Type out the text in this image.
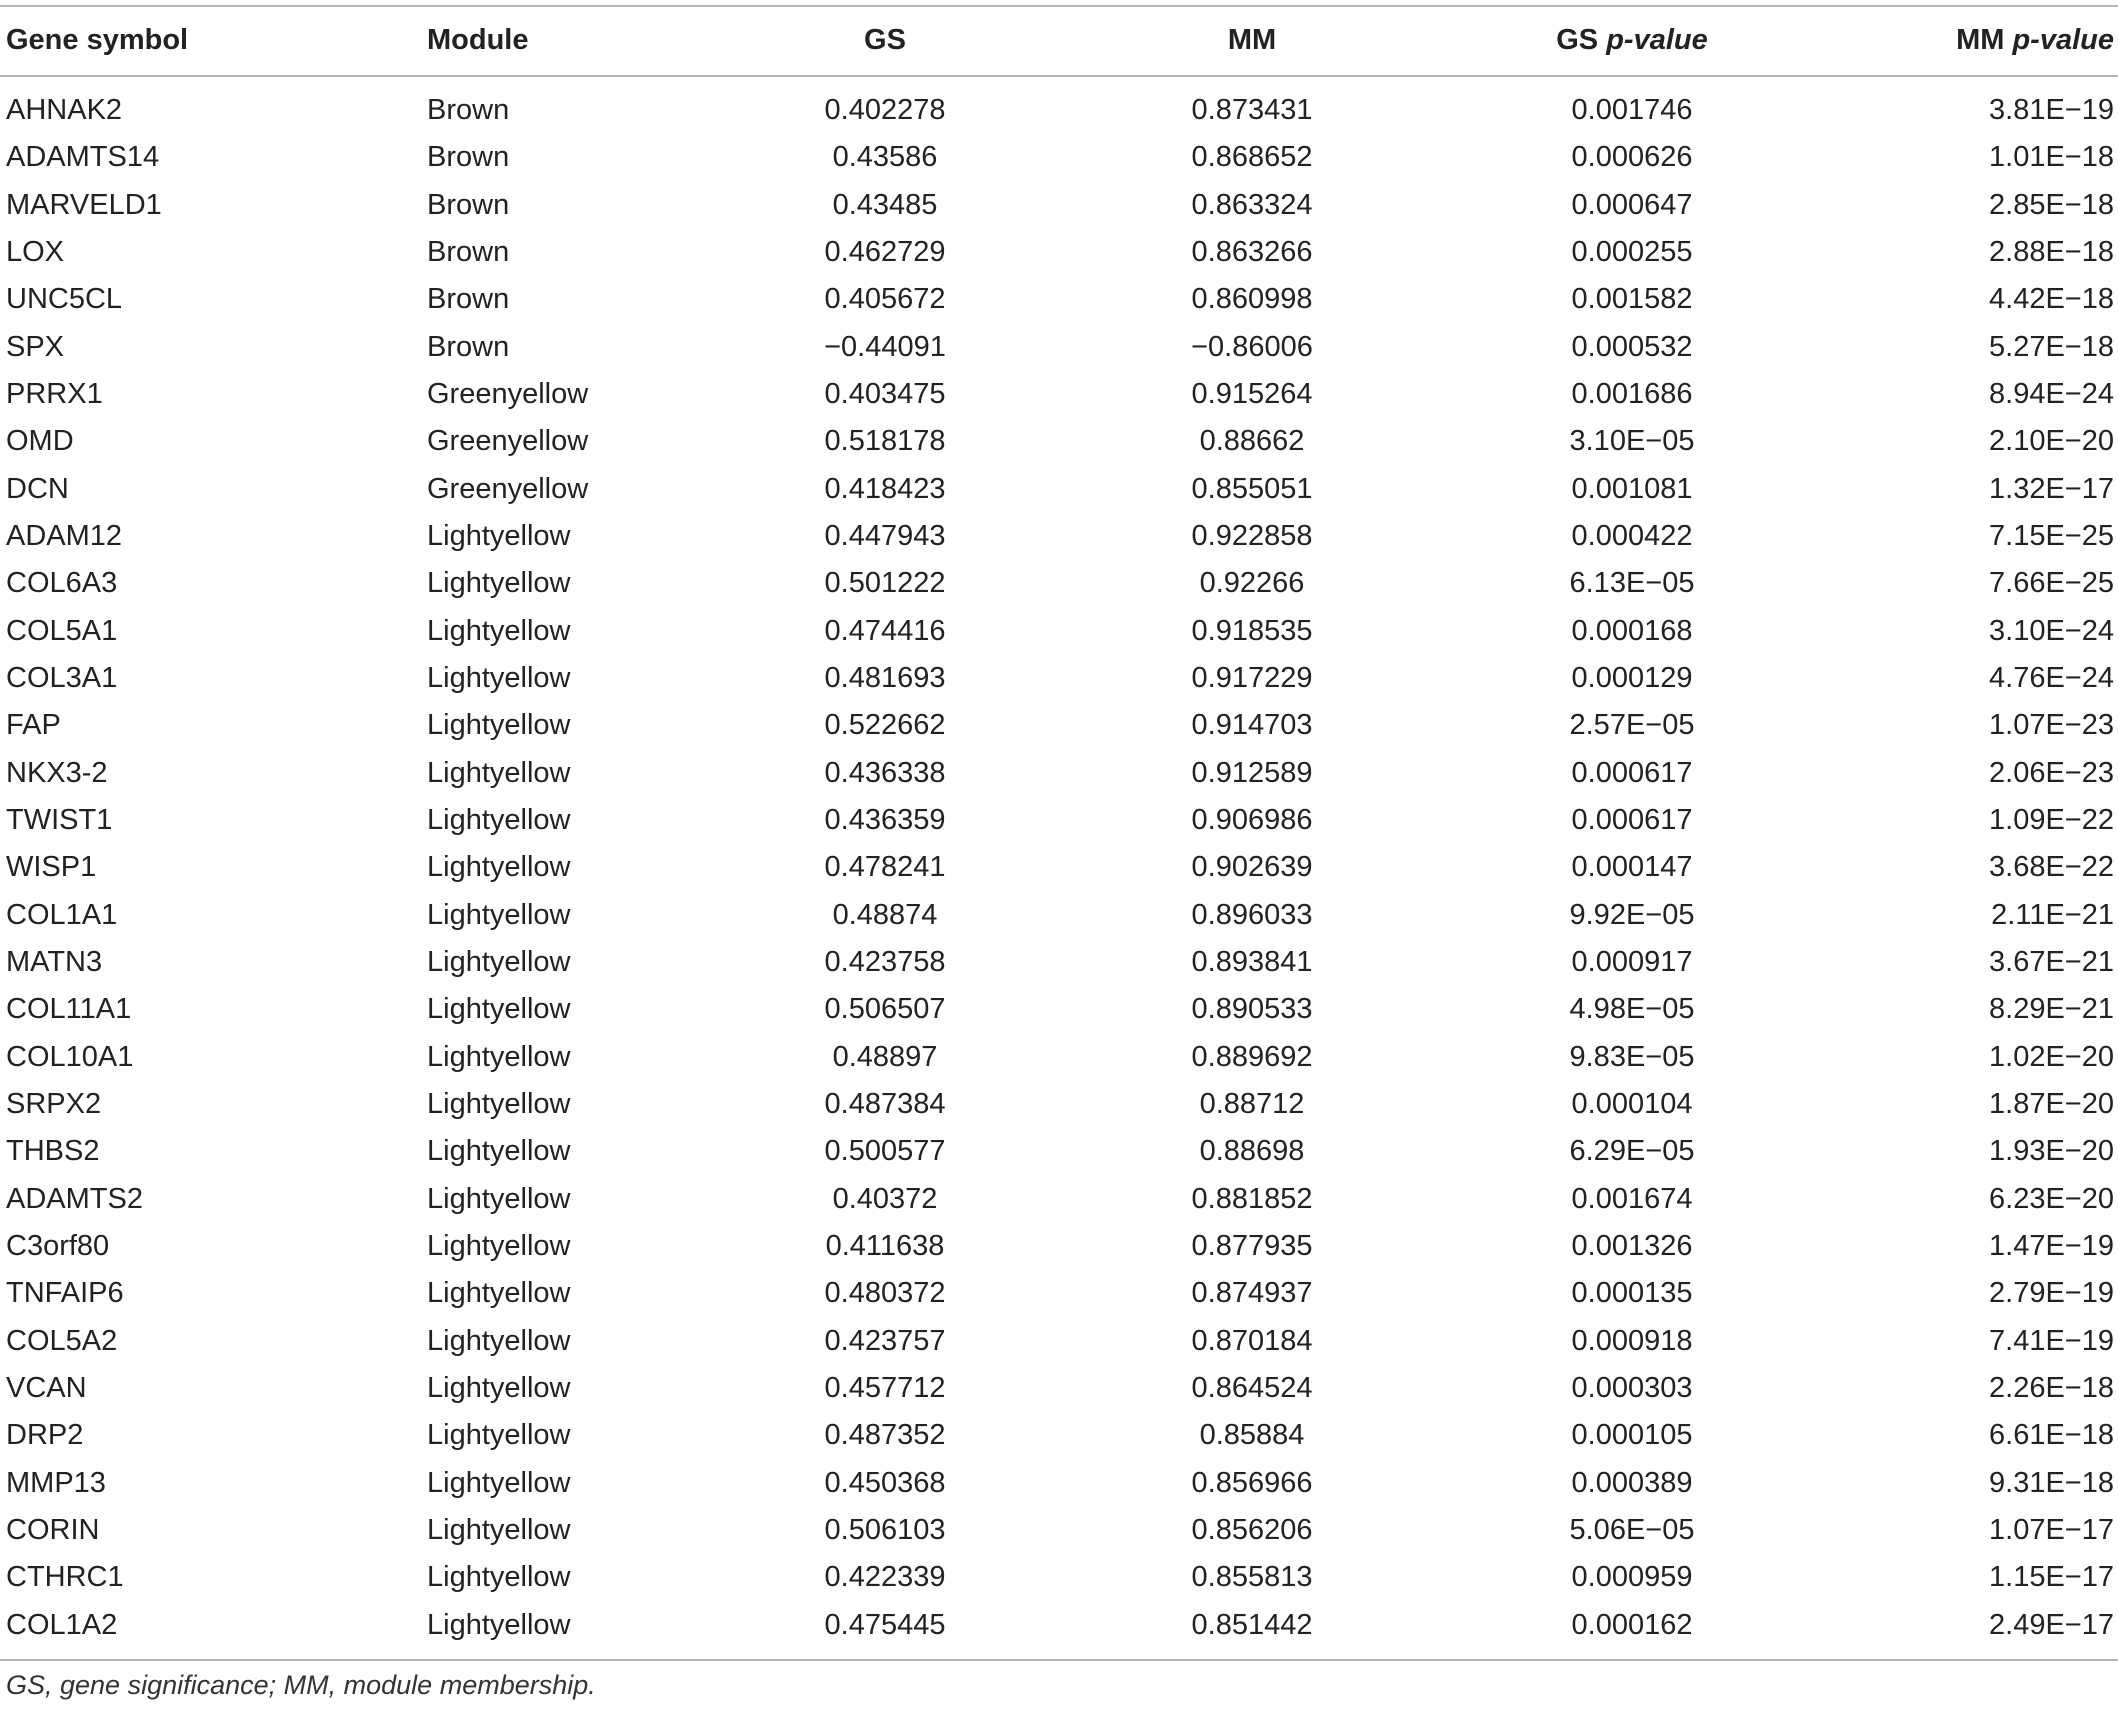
Gene symbol	Module	GS	MM	GS p-value	MM p-value
AHNAK2	Brown	0.402278	0.873431	0.001746	3.81E−19
ADAMTS14	Brown	0.43586	0.868652	0.000626	1.01E−18
MARVELD1	Brown	0.43485	0.863324	0.000647	2.85E−18
LOX	Brown	0.462729	0.863266	0.000255	2.88E−18
UNC5CL	Brown	0.405672	0.860998	0.001582	4.42E−18
SPX	Brown	−0.44091	−0.86006	0.000532	5.27E−18
PRRX1	Greenyellow	0.403475	0.915264	0.001686	8.94E−24
OMD	Greenyellow	0.518178	0.88662	3.10E−05	2.10E−20
DCN	Greenyellow	0.418423	0.855051	0.001081	1.32E−17
ADAM12	Lightyellow	0.447943	0.922858	0.000422	7.15E−25
COL6A3	Lightyellow	0.501222	0.92266	6.13E−05	7.66E−25
COL5A1	Lightyellow	0.474416	0.918535	0.000168	3.10E−24
COL3A1	Lightyellow	0.481693	0.917229	0.000129	4.76E−24
FAP	Lightyellow	0.522662	0.914703	2.57E−05	1.07E−23
NKX3-2	Lightyellow	0.436338	0.912589	0.000617	2.06E−23
TWIST1	Lightyellow	0.436359	0.906986	0.000617	1.09E−22
WISP1	Lightyellow	0.478241	0.902639	0.000147	3.68E−22
COL1A1	Lightyellow	0.48874	0.896033	9.92E−05	2.11E−21
MATN3	Lightyellow	0.423758	0.893841	0.000917	3.67E−21
COL11A1	Lightyellow	0.506507	0.890533	4.98E−05	8.29E−21
COL10A1	Lightyellow	0.48897	0.889692	9.83E−05	1.02E−20
SRPX2	Lightyellow	0.487384	0.88712	0.000104	1.87E−20
THBS2	Lightyellow	0.500577	0.88698	6.29E−05	1.93E−20
ADAMTS2	Lightyellow	0.40372	0.881852	0.001674	6.23E−20
C3orf80	Lightyellow	0.411638	0.877935	0.001326	1.47E−19
TNFAIP6	Lightyellow	0.480372	0.874937	0.000135	2.79E−19
COL5A2	Lightyellow	0.423757	0.870184	0.000918	7.41E−19
VCAN	Lightyellow	0.457712	0.864524	0.000303	2.26E−18
DRP2	Lightyellow	0.487352	0.85884	0.000105	6.61E−18
MMP13	Lightyellow	0.450368	0.856966	0.000389	9.31E−18
CORIN	Lightyellow	0.506103	0.856206	5.06E−05	1.07E−17
CTHRC1	Lightyellow	0.422339	0.855813	0.000959	1.15E−17
COL1A2	Lightyellow	0.475445	0.851442	0.000162	2.49E−17
GS, gene significance; MM, module membership.
